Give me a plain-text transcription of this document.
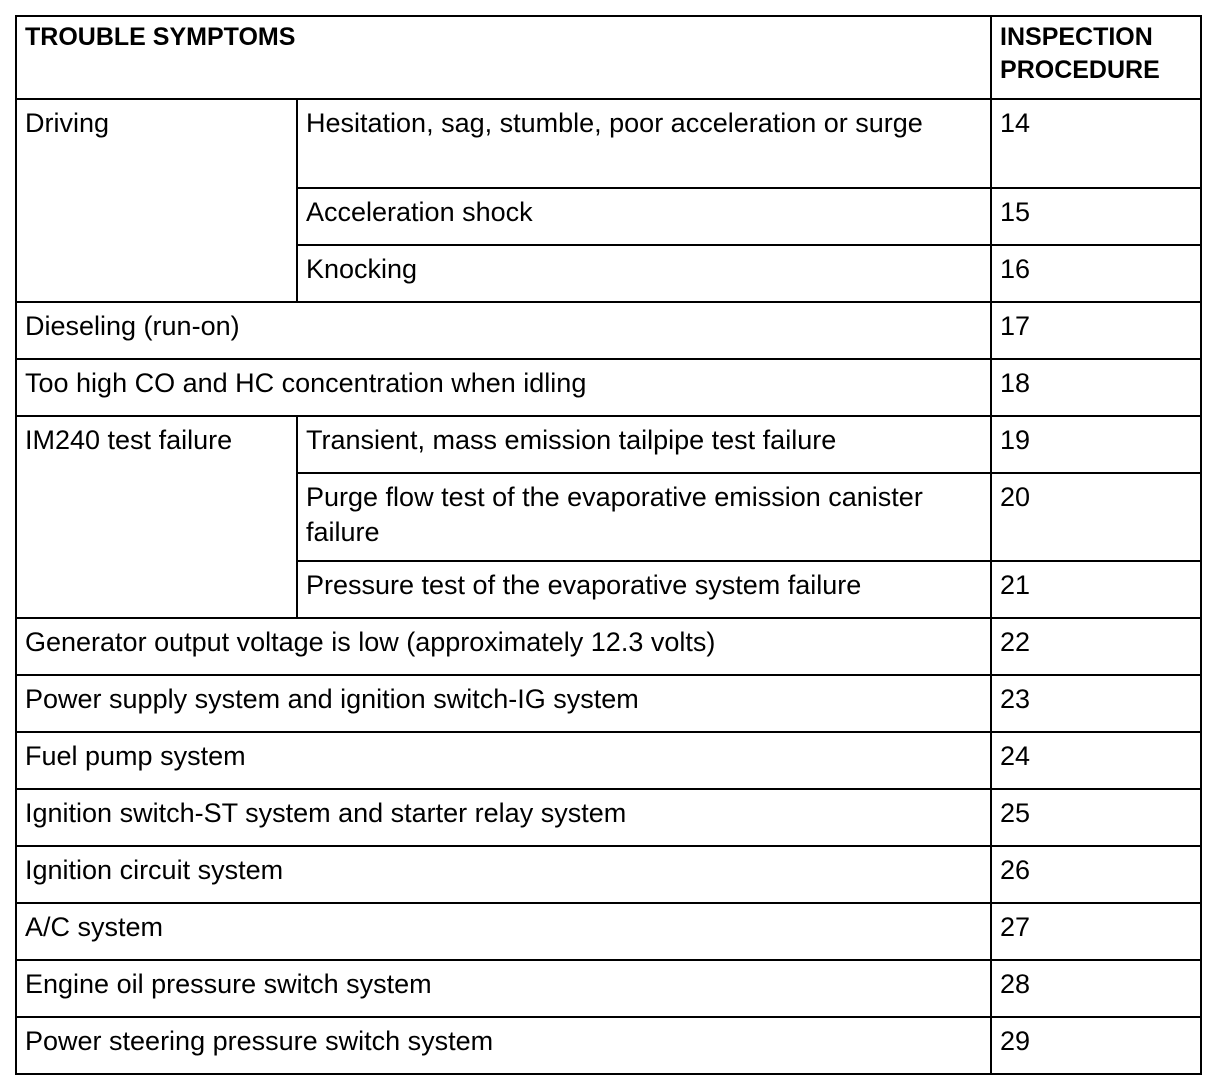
TROUBLE SYMPTOMS		INSPECTION PROCEDURE
Driving	Hesitation, sag, stumble, poor acceleration or surge	14
	Acceleration shock	15
	Knocking	16
Dieseling (run-on)		17
Too high CO and HC concentration when idling		18
IM240 test failure	Transient, mass emission tailpipe test failure	19
	Purge flow test of the evaporative emission canister failure	20
	Pressure test of the evaporative system failure	21
Generator output voltage is low (approximately 12.3 volts)		22
Power supply system and ignition switch-IG system		23
Fuel pump system		24
Ignition switch-ST system and starter relay system		25
Ignition circuit system		26
A/C system		27
Engine oil pressure switch system		28
Power steering pressure switch system		29
